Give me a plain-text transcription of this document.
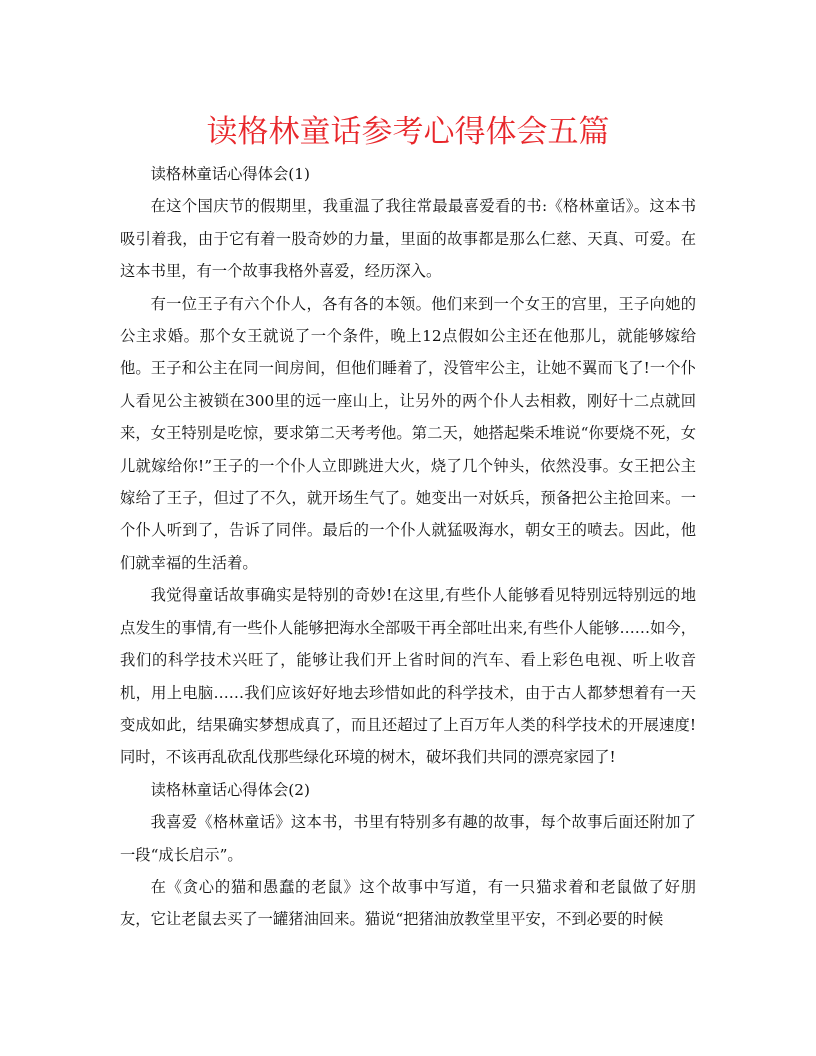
读格林童话参考心得体会五篇

读格林童话心得体会(1)

在这个国庆节的假期里，我重温了我往常最最喜爱看的书:《格林童话》。这本书吸引着我，由于它有着一股奇妙的力量，里面的故事都是那么仁慈、天真、可爱。在这本书里，有一个故事我格外喜爱，经历深入。

有一位王子有六个仆人，各有各的本领。他们来到一个女王的宫里，王子向她的公主求婚。那个女王就说了一个条件，晚上12点假如公主还在他那儿，就能够嫁给他。王子和公主在同一间房间，但他们睡着了，没管牢公主，让她不翼而飞了!一个仆人看见公主被锁在300里的远一座山上，让另外的两个仆人去相救，刚好十二点就回来，女王特别是吃惊，要求第二天考考他。第二天，她搭起柴禾堆说“你要烧不死，女儿就嫁给你!”王子的一个仆人立即跳进大火，烧了几个钟头，依然没事。女王把公主嫁给了王子，但过了不久，就开场生气了。她变出一对妖兵，预备把公主抢回来。一个仆人听到了，告诉了同伴。最后的一个仆人就猛吸海水，朝女王的喷去。因此，他们就幸福的生活着。

我觉得童话故事确实是特别的奇妙!在这里,有些仆人能够看见特别远特别远的地点发生的事情,有一些仆人能够把海水全部吸干再全部吐出来,有些仆人能够……如今，我们的科学技术兴旺了，能够让我们开上省时间的汽车、看上彩色电视、听上收音机，用上电脑……我们应该好好地去珍惜如此的科学技术，由于古人都梦想着有一天变成如此，结果确实梦想成真了，而且还超过了上百万年人类的科学技术的开展速度!同时，不该再乱砍乱伐那些绿化环境的树木，破坏我们共同的漂亮家园了!

读格林童话心得体会(2)

我喜爱《格林童话》这本书，书里有特别多有趣的故事，每个故事后面还附加了一段“成长启示”。

在《贪心的猫和愚蠢的老鼠》这个故事中写道，有一只猫求着和老鼠做了好朋友，它让老鼠去买了一罐猪油回来。猫说“把猪油放教堂里平安，不到必要的时候
